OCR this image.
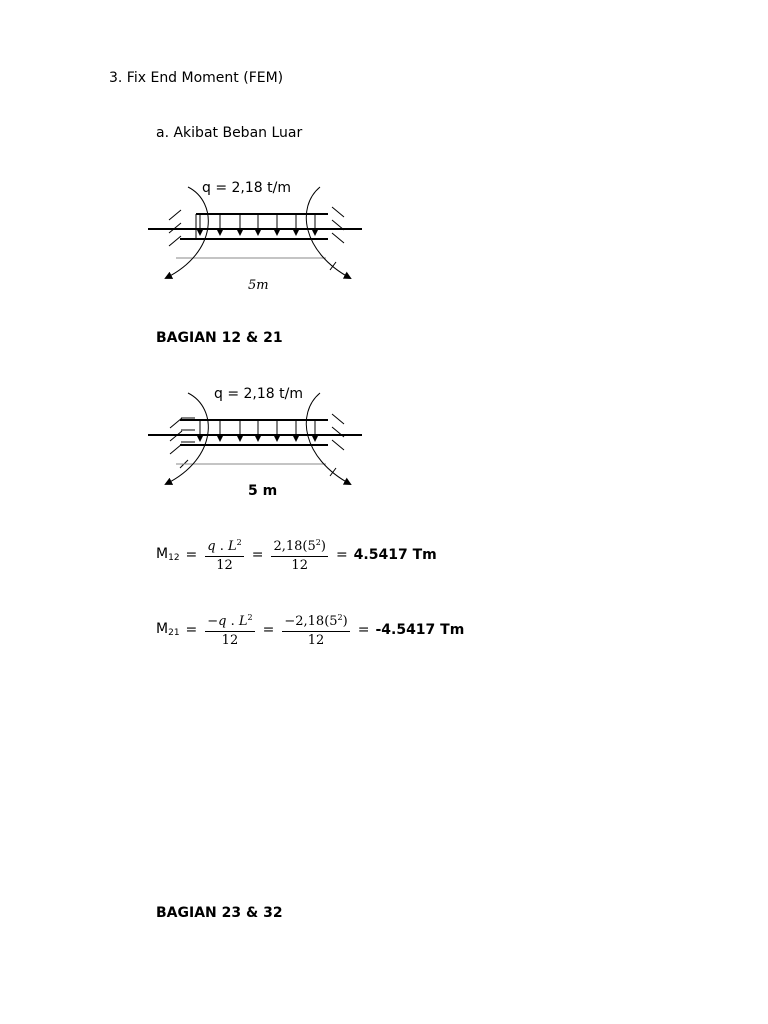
3. Fix End Moment (FEM)
a. Akibat Beban Luar
q = 2,18 t/m
5𝑚
BAGIAN 12 & 21
q = 2,18 t/m
5 m
$M_{12} = \frac{𝑞 . 𝐿^2}{12} = \frac{2,18(5^2)}{12} = 4.5417$ Tm
$M_{21} = \frac{-𝑞 . 𝐿^2}{12} = \frac{-2,18(5^2)}{12} = -4.5417$ Tm
BAGIAN 23 & 32
